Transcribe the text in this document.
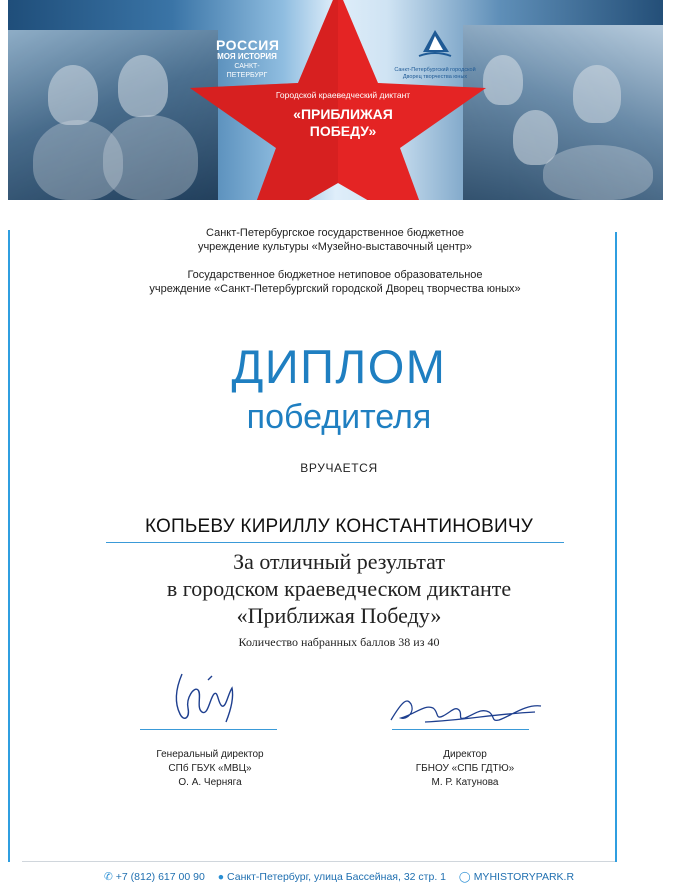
РОССИЯ
МОЯ ИСТОРИЯ
САНКТ-ПЕТЕРБУРГ
Санкт-Петербургский городской Дворец творчества юных
Городской краеведческий диктант
«ПРИБЛИЖАЯ ПОБЕДУ»
Санкт-Петербургское государственное бюджетное
учреждение культуры «Музейно-выставочный центр»
Государственное бюджетное нетиповое образовательное
учреждение «Санкт-Петербургский городской Дворец творчества юных»
ДИПЛОМ
победителя
ВРУЧАЕТСЯ
КОПЬЕВУ КИРИЛЛУ КОНСТАНТИНОВИЧУ
За отличный результат
в городском краеведческом диктанте
«Приближая Победу»
Количество набранных баллов 38 из 40
Генеральный директор
СПб ГБУК «МВЦ»
О. А. Черняга
Директор
ГБНОУ «СПБ ГДТЮ»
М. Р. Катунова
✆ +7 (812) 617 00 90 ● Санкт-Петербург, улица Бассейная, 32 стр. 1 ◯ MYHISTORYPARK.R
